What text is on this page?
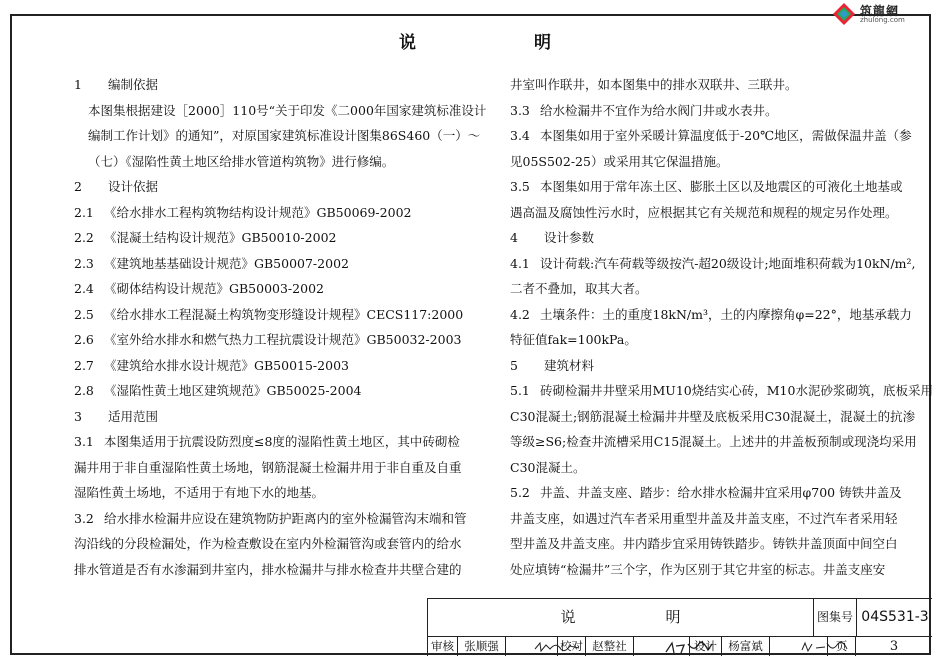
筑龍網
zhulong.com
说明
1 编制依据
本图集根据建设［2000］110号“关于印发《二000年国家建筑标准设计
编制工作计划》的通知”，对原国家建筑标准设计图集86S460（一）～
（七）《湿陷性黄土地区给排水管道构筑物》进行修编。
2 设计依据
2.1 《给水排水工程构筑物结构设计规范》GB50069-2002
2.2 《混凝土结构设计规范》GB50010-2002
2.3 《建筑地基基础设计规范》GB50007-2002
2.4 《砌体结构设计规范》GB50003-2002
2.5 《给水排水工程混凝土构筑物变形缝设计规程》CECS117:2000
2.6 《室外给水排水和燃气热力工程抗震设计规范》GB50032-2003
2.7 《建筑给水排水设计规范》GB50015-2003
2.8 《湿陷性黄土地区建筑规范》GB50025-2004
3 适用范围
3.1 本图集适用于抗震设防烈度≤8度的湿陷性黄土地区，其中砖砌检
漏井用于非自重湿陷性黄土场地，钢筋混凝土检漏井用于非自重及自重
湿陷性黄土场地，不适用于有地下水的地基。
3.2 给水排水检漏井应设在建筑物防护距离内的室外检漏管沟末端和管
沟沿线的分段检漏处，作为检查敷设在室内外检漏管沟或套管内的给水
排水管道是否有水渗漏到井室内，排水检漏井与排水检查井共壁合建的
井室叫作联井，如本图集中的排水双联井、三联井。
3.3 给水检漏井不宜作为给水阀门井或水表井。
3.4 本图集如用于室外采暖计算温度低于-20℃地区，需做保温井盖（参
见05S502-25）或采用其它保温措施。
3.5 本图集如用于常年冻土区、膨胀土区以及地震区的可液化土地基或
遇高温及腐蚀性污水时，应根据其它有关规范和规程的规定另作处理。
4 设计参数
4.1 设计荷载:汽车荷载等级按汽-超20级设计;地面堆积荷载为10kN/m²,
二者不叠加，取其大者。
4.2 土壤条件：土的重度18kN/m³，土的内摩擦角φ=22°，地基承载力
特征值fak=100kPa。
5 建筑材料
5.1 砖砌检漏井井壁采用MU10烧结实心砖，M10水泥砂浆砌筑，底板采用
C30混凝土;钢筋混凝土检漏井井壁及底板采用C30混凝土，混凝土的抗渗
等级≥S6;检查井流槽采用C15混凝土。上述井的井盖板预制或现浇均采用
C30混凝土。
5.2 井盖、井盖支座、踏步：给水排水检漏井宜采用φ700 铸铁井盖及
井盖支座，如遇过汽车者采用重型井盖及井盖支座，不过汽车者采用轻
型井盖及井盖支座。井内踏步宜采用铸铁踏步。铸铁井盖顶面中间空白
处应填铸“检漏井”三个字，作为区别于其它井室的标志。井盖支座安
说明	图集号 04S531-3
审核 张顺强	校对 赵整社	设计 杨富斌	页	3
